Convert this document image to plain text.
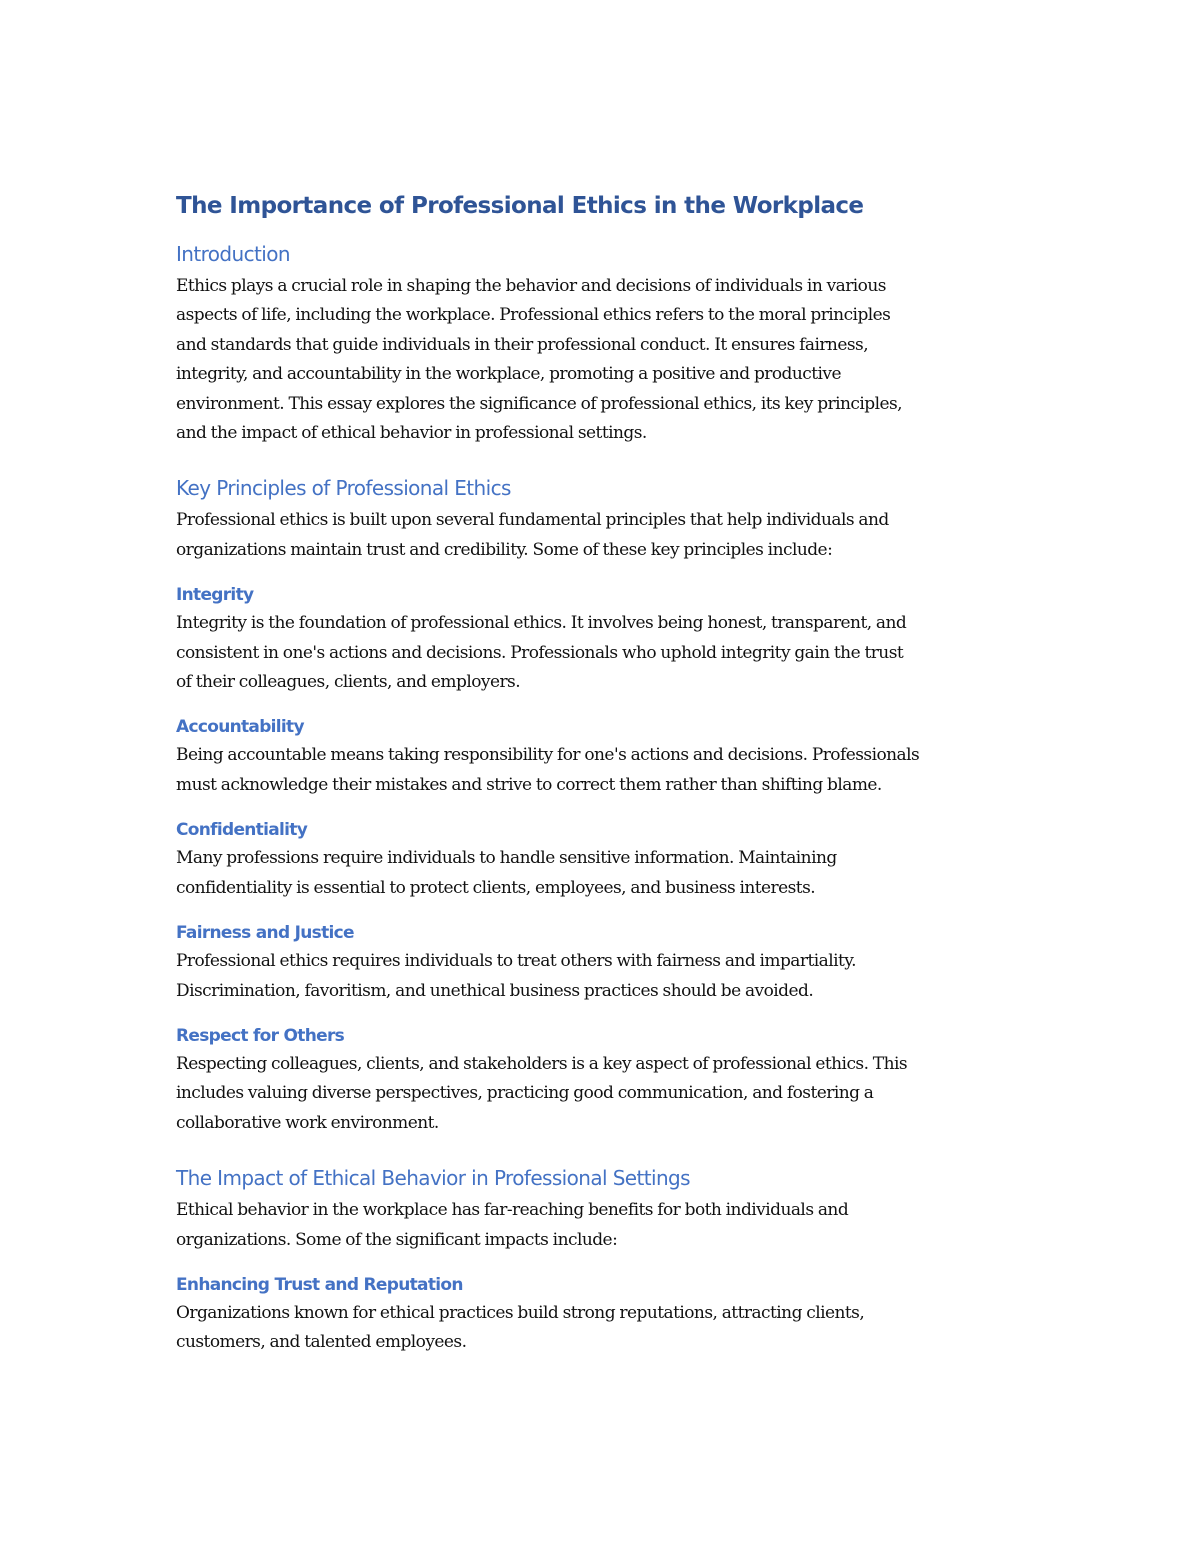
The Importance of Professional Ethics in the Workplace
Introduction

Ethics plays a crucial role in shaping the behavior and decisions of individuals in various
aspects of life, including the workplace. Professional ethics refers to the moral principles
and standards that guide individuals in their professional conduct. It ensures fairness,
integrity, and accountability in the workplace, promoting a positive and productive
environment. This essay explores the significance of professional ethics, its key principles,
and the impact of ethical behavior in professional settings.

Key Principles of Professional Ethics

Professional ethics is built upon several fundamental principles that help individuals and
organizations maintain trust and credibility. Some of these key principles include:

Integrity

Integrity is the foundation of professional ethics. It involves being honest, transparent, and
consistent in one's actions and decisions. Professionals who uphold integrity gain the trust
of their colleagues, clients, and employers.

Accountability

Being accountable means taking responsibility for one's actions and decisions. Professionals
must acknowledge their mistakes and strive to correct them rather than shifting blame.

Confidentiality

Many professions require individuals to handle sensitive information. Maintaining
confidentiality is essential to protect clients, employees, and business interests.

Fairness and Justice

Professional ethics requires individuals to treat others with fairness and impartiality.
Discrimination, favoritism, and unethical business practices should be avoided.

Respect for Others

Respecting colleagues, clients, and stakeholders is a key aspect of professional ethics. This
includes valuing diverse perspectives, practicing good communication, and fostering a
collaborative work environment.

The Impact of Ethical Behavior in Professional Settings

Ethical behavior in the workplace has far-reaching benefits for both individuals and
organizations. Some of the significant impacts include:

Enhancing Trust and Reputation

Organizations known for ethical practices build strong reputations, attracting clients,
customers, and talented employees.
